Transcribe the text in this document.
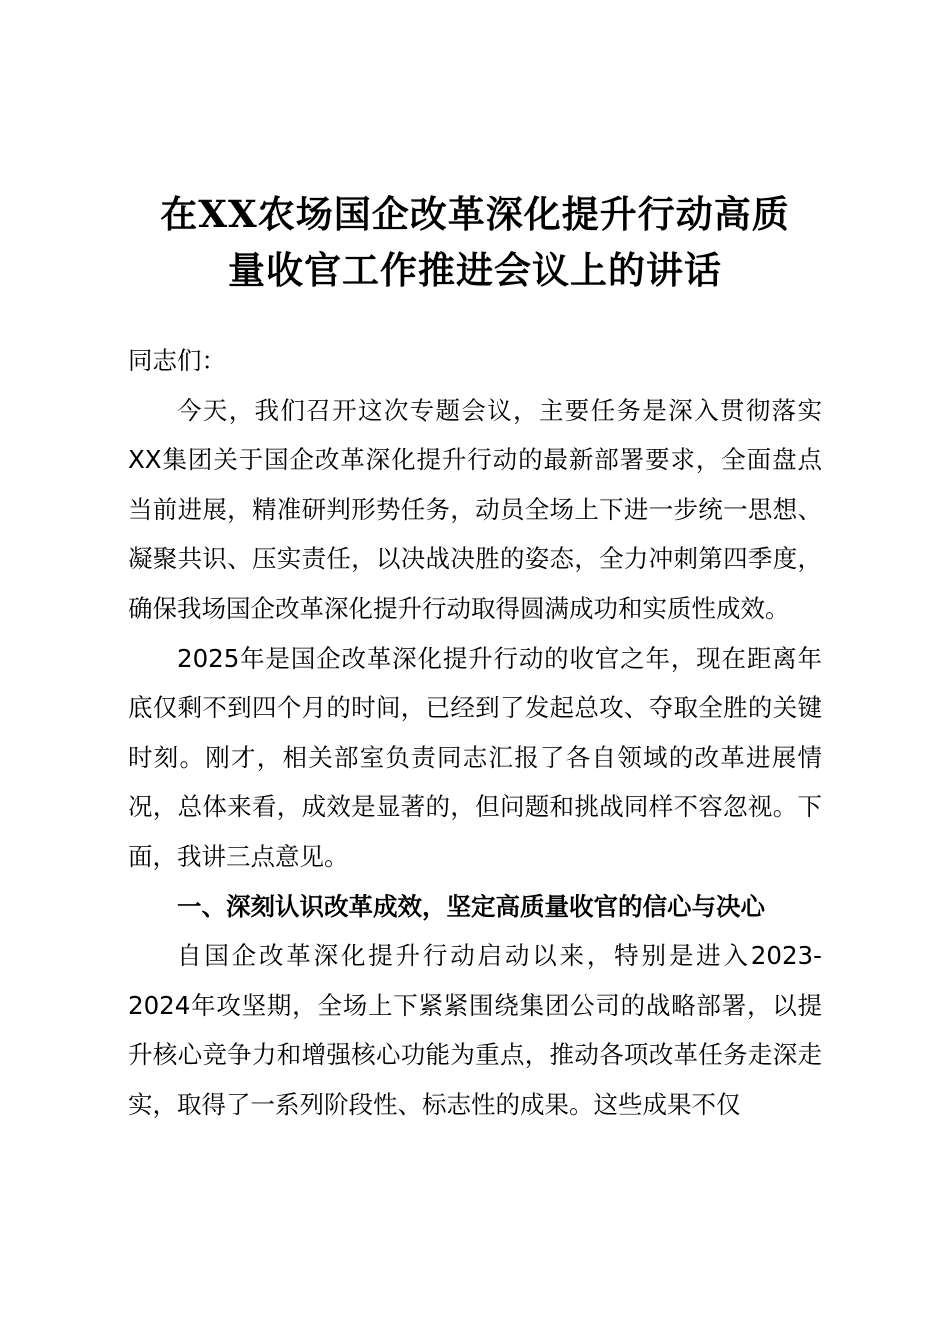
在XX农场国企改革深化提升行动高质
量收官工作推进会议上的讲话

同志们：

今天，我们召开这次专题会议，主要任务是深入贯彻落实XX集团关于国企改革深化提升行动的最新部署要求，全面盘点当前进展，精准研判形势任务，动员全场上下进一步统一思想、凝聚共识、压实责任，以决战决胜的姿态，全力冲刺第四季度，确保我场国企改革深化提升行动取得圆满成功和实质性成效。

2025年是国企改革深化提升行动的收官之年，现在距离年底仅剩不到四个月的时间，已经到了发起总攻、夺取全胜的关键时刻。刚才，相关部室负责同志汇报了各自领域的改革进展情况，总体来看，成效是显著的，但问题和挑战同样不容忽视。下面，我讲三点意见。

一、深刻认识改革成效，坚定高质量收官的信心与决心

自国企改革深化提升行动启动以来，特别是进入2023-2024年攻坚期，全场上下紧紧围绕集团公司的战略部署，以提升核心竞争力和增强核心功能为重点，推动各项改革任务走深走实，取得了一系列阶段性、标志性的成果。这些成果不仅
